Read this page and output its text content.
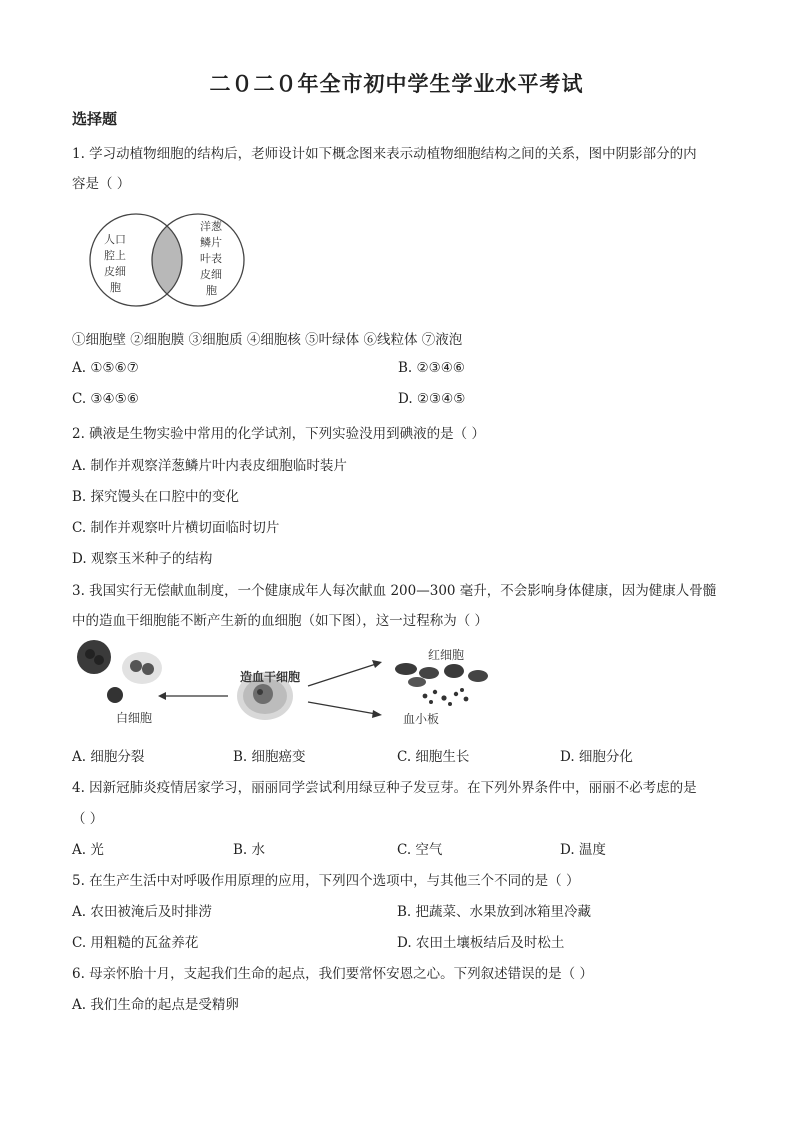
二０二０年全市初中学生学业水平考试
选择题
1. 学习动植物细胞的结构后，老师设计如下概念图来表示动植物细胞结构之间的关系，图中阴影部分的内
容是（ ）
人口
腔上
皮细
胞
洋葱
鳞片
叶表
皮细
胞
①细胞壁 ②细胞膜 ③细胞质 ④细胞核 ⑤叶绿体 ⑥线粒体 ⑦液泡
A. ①⑤⑥⑦	B. ②③④⑥
C. ③④⑤⑥	D. ②③④⑤
2. 碘液是生物实验中常用的化学试剂，下列实验没用到碘液的是（ ）
A. 制作并观察洋葱鳞片叶内表皮细胞临时装片
B. 探究馒头在口腔中的变化
C. 制作并观察叶片横切面临时切片
D. 观察玉米种子的结构
3. 我国实行无偿献血制度，一个健康成年人每次献血 200—300 毫升，不会影响身体健康，因为健康人骨髓
中的造血干细胞能不断产生新的血细胞（如下图），这一过程称为（ ）
白细胞
造血干细胞
红细胞
血小板
A. 细胞分裂	B. 细胞癌变	C. 细胞生长	D. 细胞分化
4. 因新冠肺炎疫情居家学习，丽丽同学尝试利用绿豆种子发豆芽。在下列外界条件中，丽丽不必考虑的是
（ ）
A. 光	B. 水	C. 空气	D. 温度
5. 在生产生活中对呼吸作用原理的应用，下列四个选项中，与其他三个不同的是（ ）
A. 农田被淹后及时排涝	B. 把蔬菜、水果放到冰箱里冷藏
C. 用粗糙的瓦盆养花	D. 农田土壤板结后及时松土
6. 母亲怀胎十月，支起我们生命的起点，我们要常怀安恩之心。下列叙述错误的是（ ）
A. 我们生命的起点是受精卵
